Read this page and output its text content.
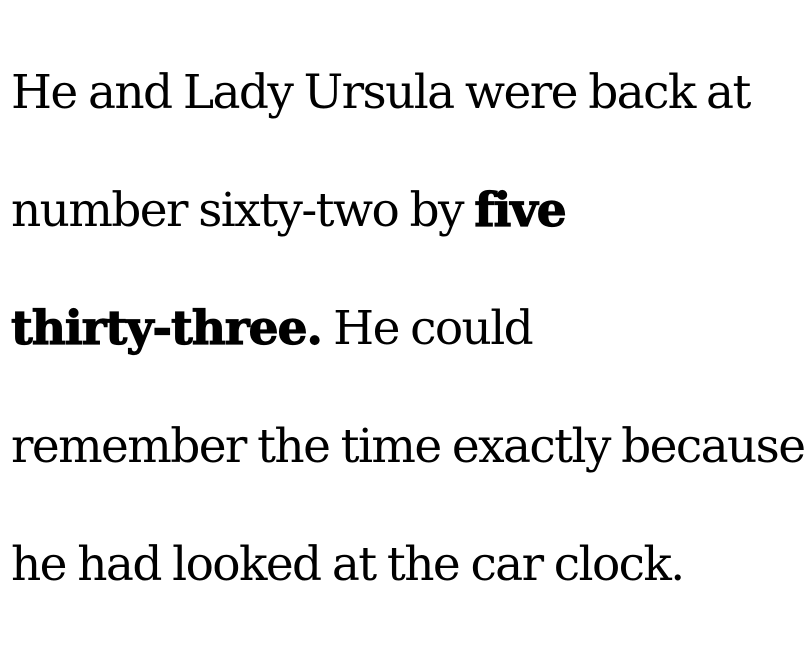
He and Lady Ursula were back at

number sixty-two by five

thirty-three. He could

remember the time exactly because

he had looked at the car clock.
